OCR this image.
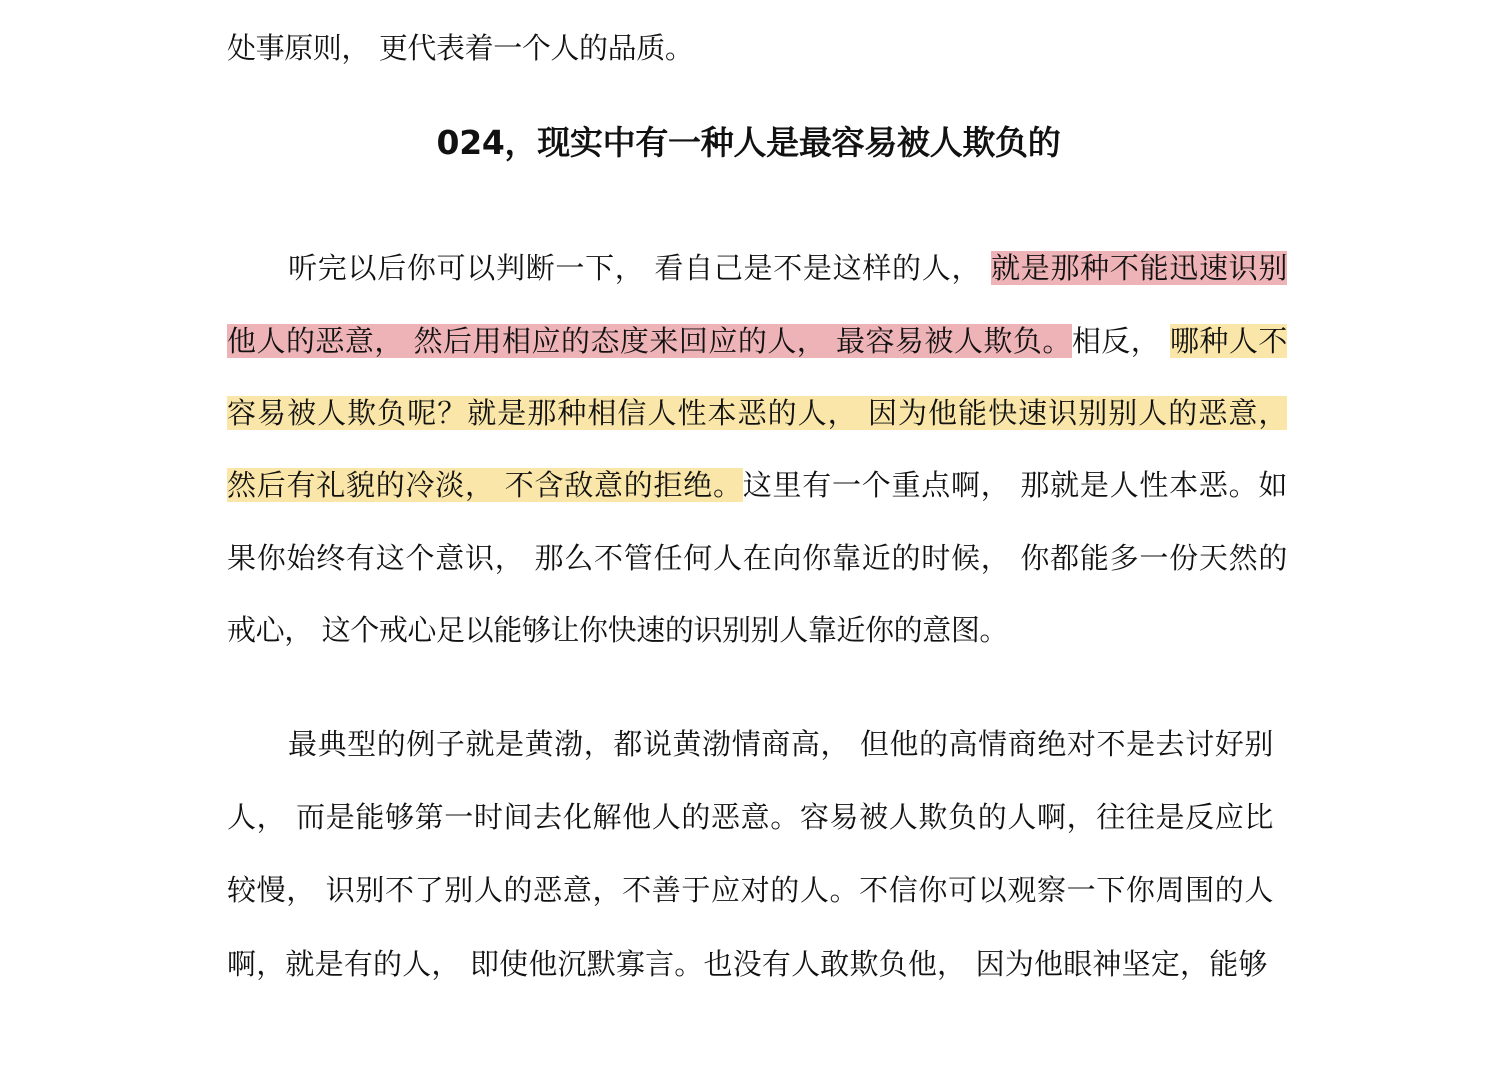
处事原则， 更代表着一个人的品质。
024，现实中有一种人是最容易被人欺负的
听完以后你可以判断一下， 看自己是不是这样的人， 就是那种不能迅速识别
他人的恶意， 然后用相应的态度来回应的人， 最容易被人欺负。相反， 哪种人不
容易被人欺负呢？就是那种相信人性本恶的人， 因为他能快速识别别人的恶意，
然后有礼貌的冷淡， 不含敌意的拒绝。这里有一个重点啊， 那就是人性本恶。如
果你始终有这个意识， 那么不管任何人在向你靠近的时候， 你都能多一份天然的
戒心， 这个戒心足以能够让你快速的识别别人靠近你的意图。
最典型的例子就是黄渤，都说黄渤情商高， 但他的高情商绝对不是去讨好别
人， 而是能够第一时间去化解他人的恶意。容易被人欺负的人啊，往往是反应比
较慢， 识别不了别人的恶意，不善于应对的人。不信你可以观察一下你周围的人
啊，就是有的人， 即使他沉默寡言。也没有人敢欺负他， 因为他眼神坚定，能够
